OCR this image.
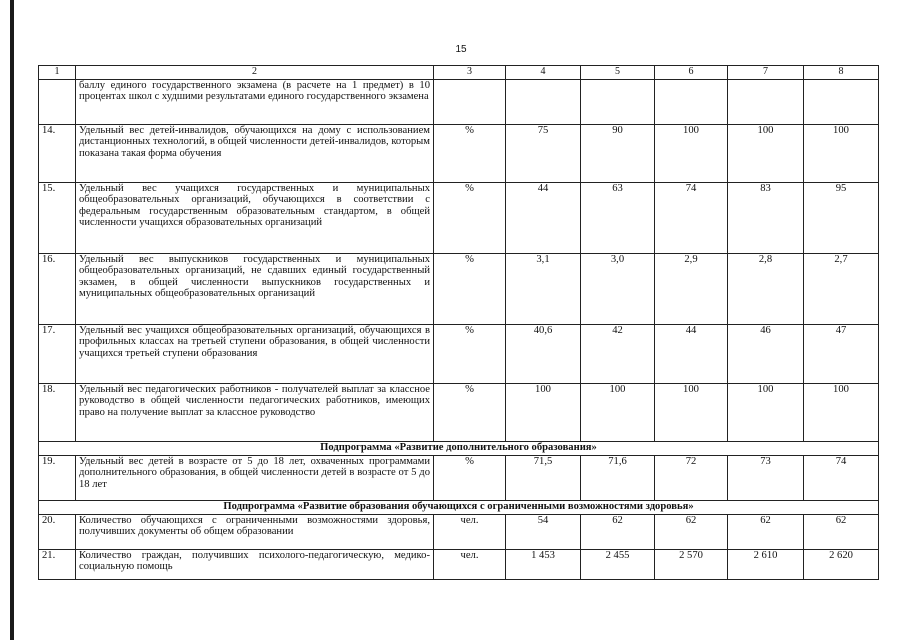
15
1	2	3	4	5	6	7	8
	баллу единого государственного экзамена (в расчете на 1 предмет) в 10 процентах школ с худшими результатами единого государственного экзамена						
14.	Удельный вес детей-инвалидов, обучающихся на дому с использованием дистанционных технологий, в общей численности детей-инвалидов, которым показана такая форма обучения	%	75	90	100	100	100
15.	Удельный вес учащихся государственных и муниципальных общеобразовательных организаций, обучающихся в соответствии с федеральным государственным образовательным стандартом, в общей численности учащихся образовательных организаций	%	44	63	74	83	95
16.	Удельный вес выпускников государственных и муниципальных общеобразовательных организаций, не сдавших единый государственный экзамен, в общей численности выпускников государственных и муниципальных общеобразовательных организаций	%	3,1	3,0	2,9	2,8	2,7
17.	Удельный вес учащихся общеобразовательных организаций, обучающихся в профильных классах на третьей ступени образования, в общей численности учащихся третьей ступени образования	%	40,6	42	44	46	47
18.	Удельный вес педагогических работников - получателей выплат за классное руководство в общей численности педагогических работников, имеющих право на получение выплат за классное руководство	%	100	100	100	100	100
Подпрограмма «Развитие дополнительного образования»							
19.	Удельный вес детей в возрасте от 5 до 18 лет, охваченных программами дополнительного образования, в общей численности детей в возрасте от 5 до 18 лет	%	71,5	71,6	72	73	74
Подпрограмма «Развитие образования обучающихся с ограниченными возможностями здоровья»							
20.	Количество обучающихся с ограниченными возможностями здоровья, получивших документы об общем образовании	чел.	54	62	62	62	62
21.	Количество граждан, получивших психолого-педагогическую, медико-социальную помощь	чел.	1 453	2 455	2 570	2 610	2 620
